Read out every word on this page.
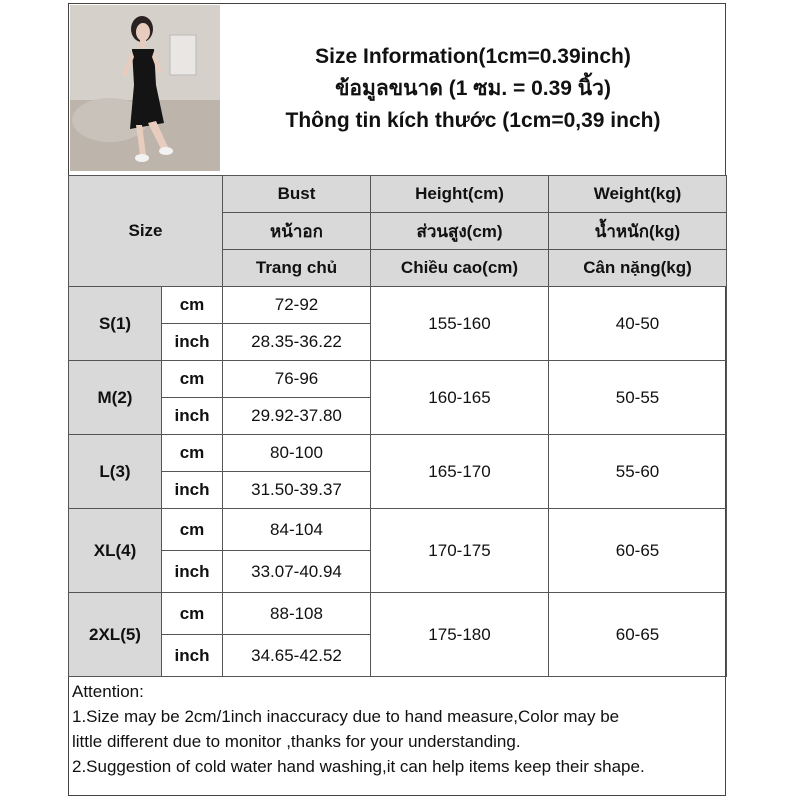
Size Information(1cm=0.39inch)
ข้อมูลขนาด (1 ซม. = 0.39 นิ้ว)
Thông tin kích thước (1cm=0,39 inch)
Size		Bust	Height(cm)	Weight(kg)
		หน้าอก	ส่วนสูง(cm)	น้ำหนัก(kg)
		Trang chủ	Chiều cao(cm)	Cân nặng(kg)
S(1)	cm	72-92	155-160	40-50
	inch	28.35-36.22		
M(2)	cm	76-96	160-165	50-55
	inch	29.92-37.80		
L(3)	cm	80-100	165-170	55-60
	inch	31.50-39.37		
XL(4)	cm	84-104	170-175	60-65
	inch	33.07-40.94		
2XL(5)	cm	88-108	175-180	60-65
	inch	34.65-42.52		
Attention:
1.Size may be 2cm/1inch inaccuracy due to hand measure,Color may be
little different due to monitor ,thanks for your understanding.
2.Suggestion of cold water hand washing,it can help items keep their shape.
